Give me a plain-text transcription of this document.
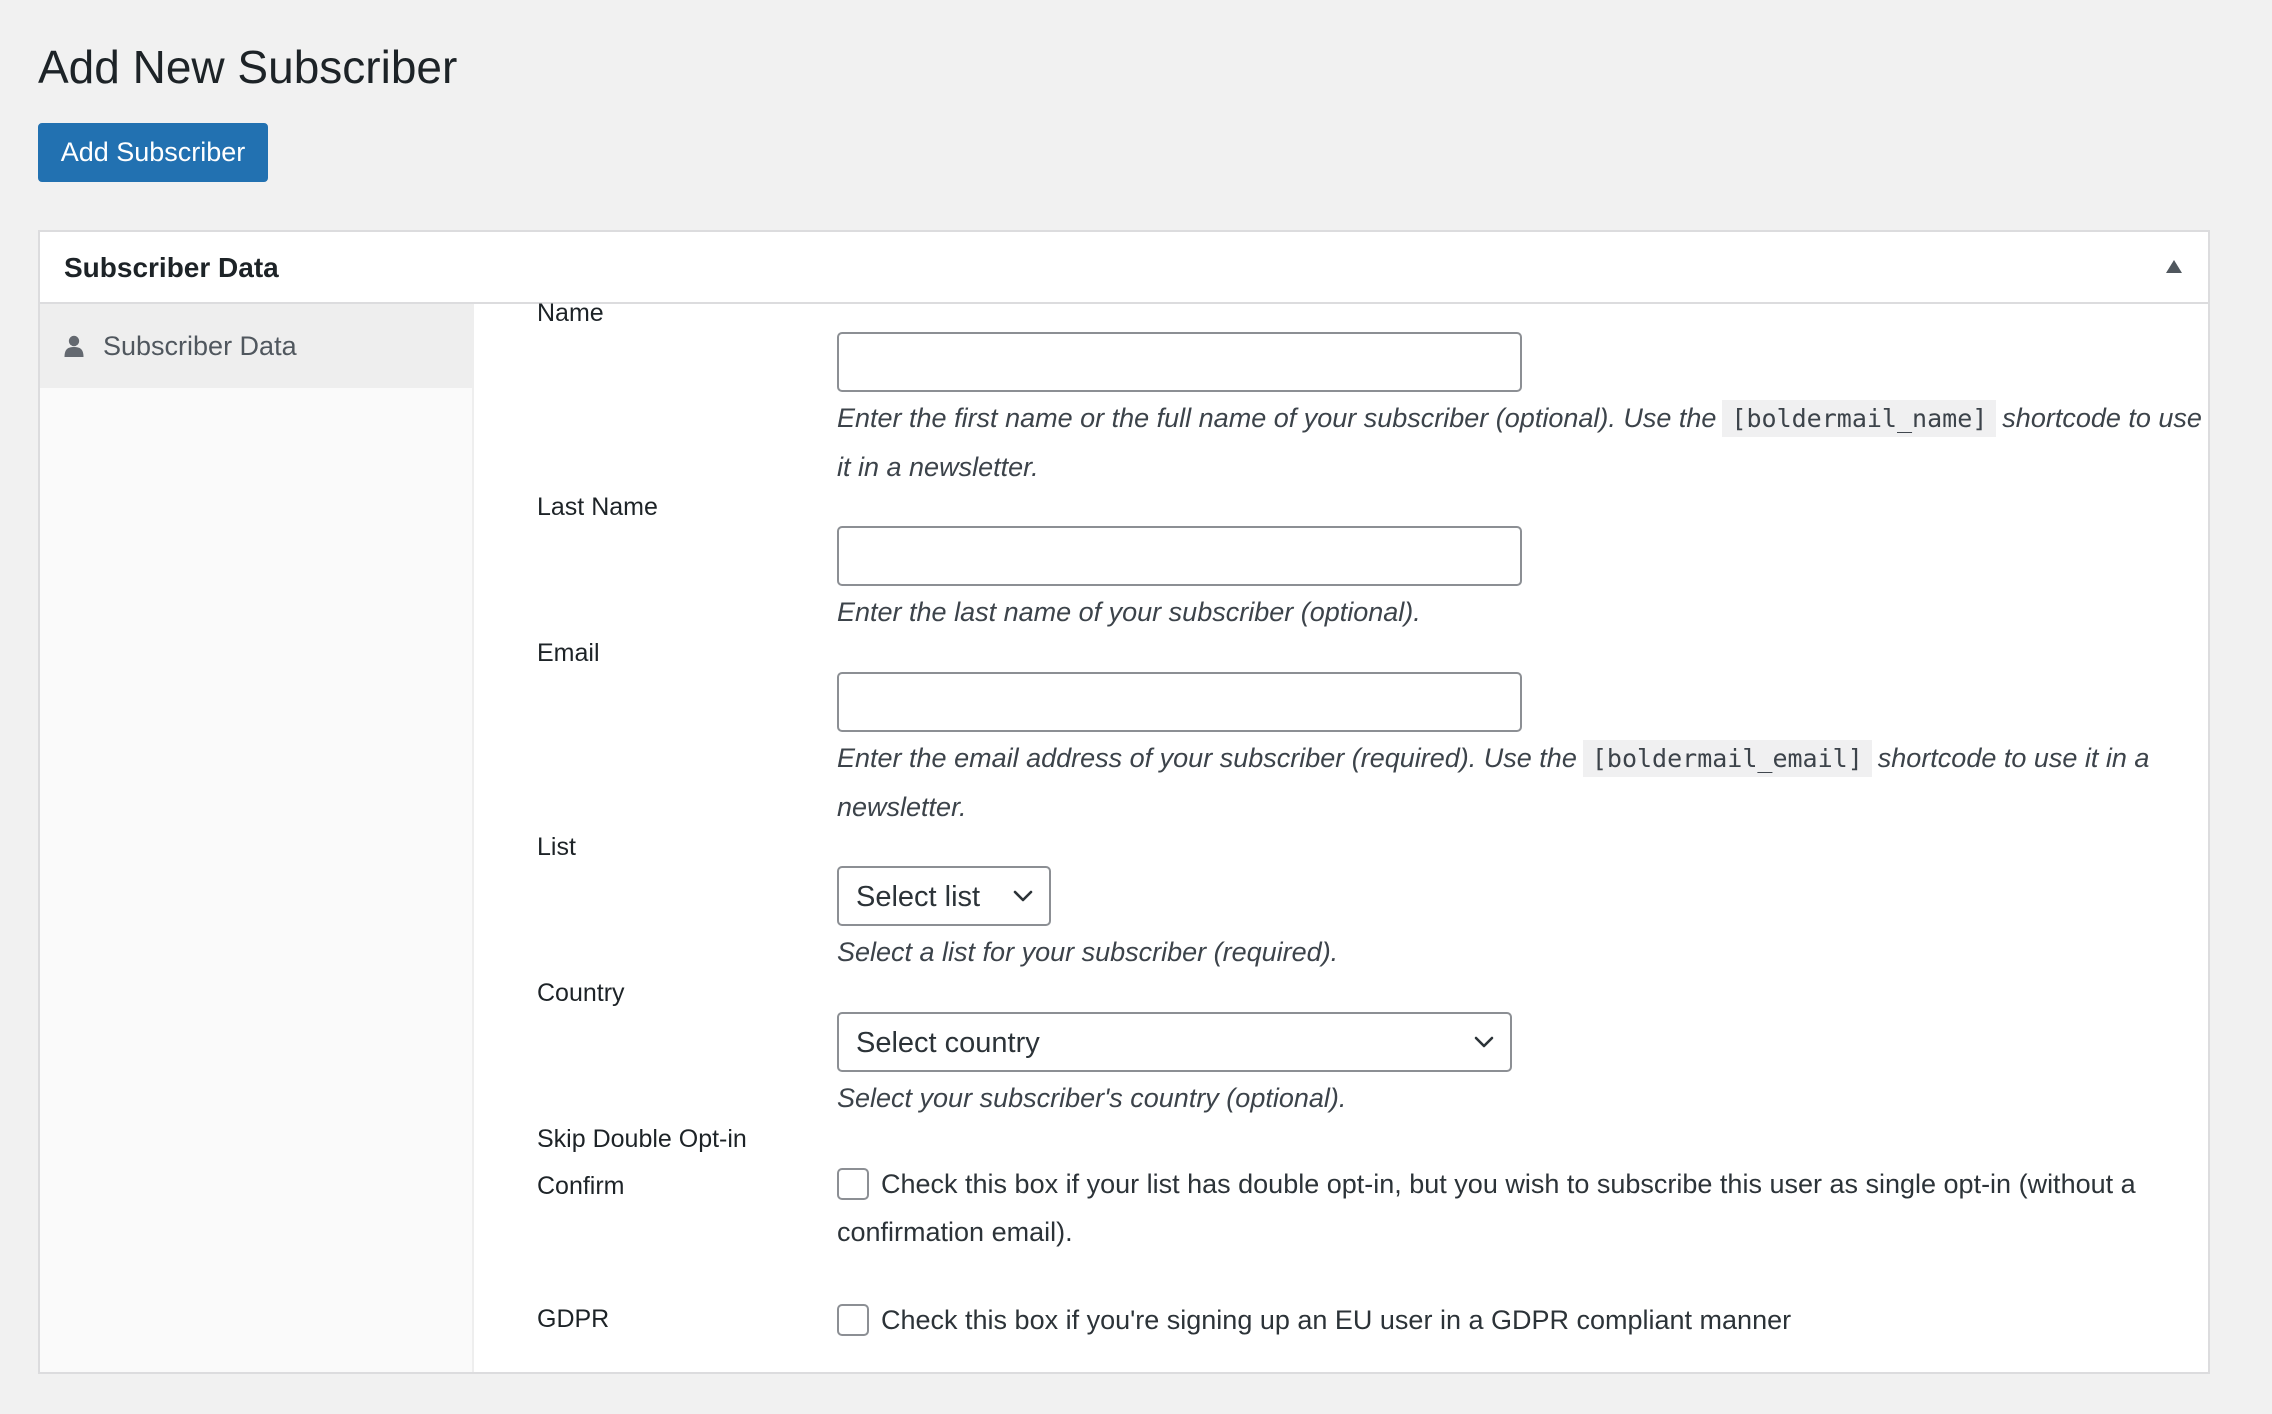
Add New Subscriber
Add Subscriber
Subscriber Data
Subscriber Data
Name

Enter the first name or the full name of your subscriber (optional). Use the [boldermail_name] shortcode to use it in a newsletter.

Last Name

Enter the last name of your subscriber (optional).

Email

Enter the email address of your subscriber (required). Use the [boldermail_email] shortcode to use it in a newsletter.

List
Select list

Select a list for your subscriber (required).

Country
Select country

Select your subscriber's country (optional).

Skip Double Opt-in Confirm	Check this box if your list has double opt-in, but you wish to subscribe this user as single opt-in (without a confirmation email).

GDPR	Check this box if you're signing up an EU user in a GDPR compliant manner
